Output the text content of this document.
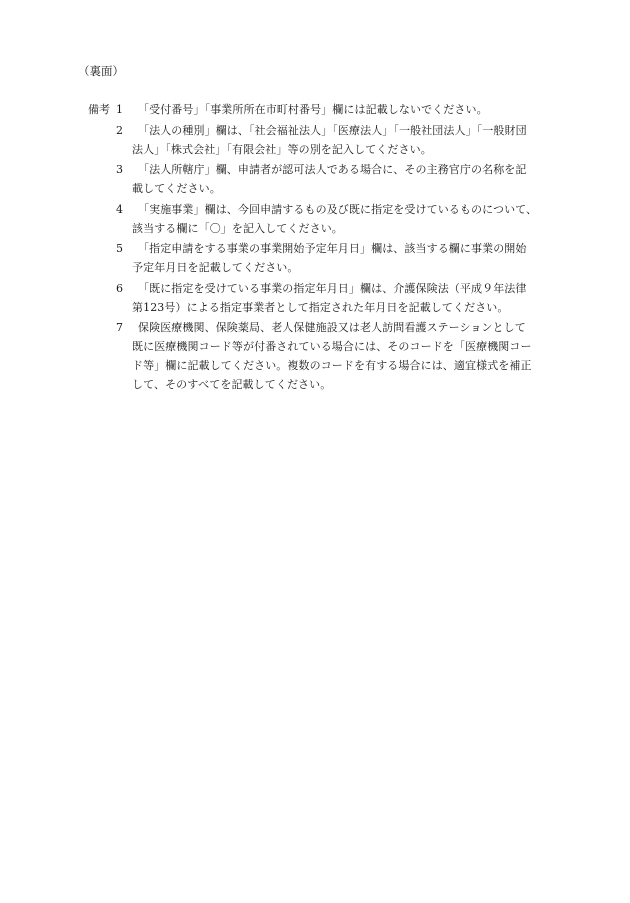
（裏面）
備考 1 「受付番号」「事業所所在市町村番号」欄には記載しないでください。
2 「法人の種別」欄は、「社会福祉法人」「医療法人」「一般社団法人」「一般財団
法人」「株式会社」「有限会社」等の別を記入してください。
3 「法人所轄庁」欄、申請者が認可法人である場合に、その主務官庁の名称を記
載してください。
4 「実施事業」欄は、今回申請するもの及び既に指定を受けているものについて、
該当する欄に「〇」を記入してください。
5 「指定申請をする事業の事業開始予定年月日」欄は、該当する欄に事業の開始
予定年月日を記載してください。
6 「既に指定を受けている事業の指定年月日」欄は、介護保険法（平成９年法律
第123号）による指定事業者として指定された年月日を記載してください。
7 保険医療機関、保険薬局、老人保健施設又は老人訪問看護ステーションとして
既に医療機関コード等が付番されている場合には、そのコードを「医療機関コー
ド等」欄に記載してください。複数のコードを有する場合には、適宜様式を補正
して、そのすべてを記載してください。
